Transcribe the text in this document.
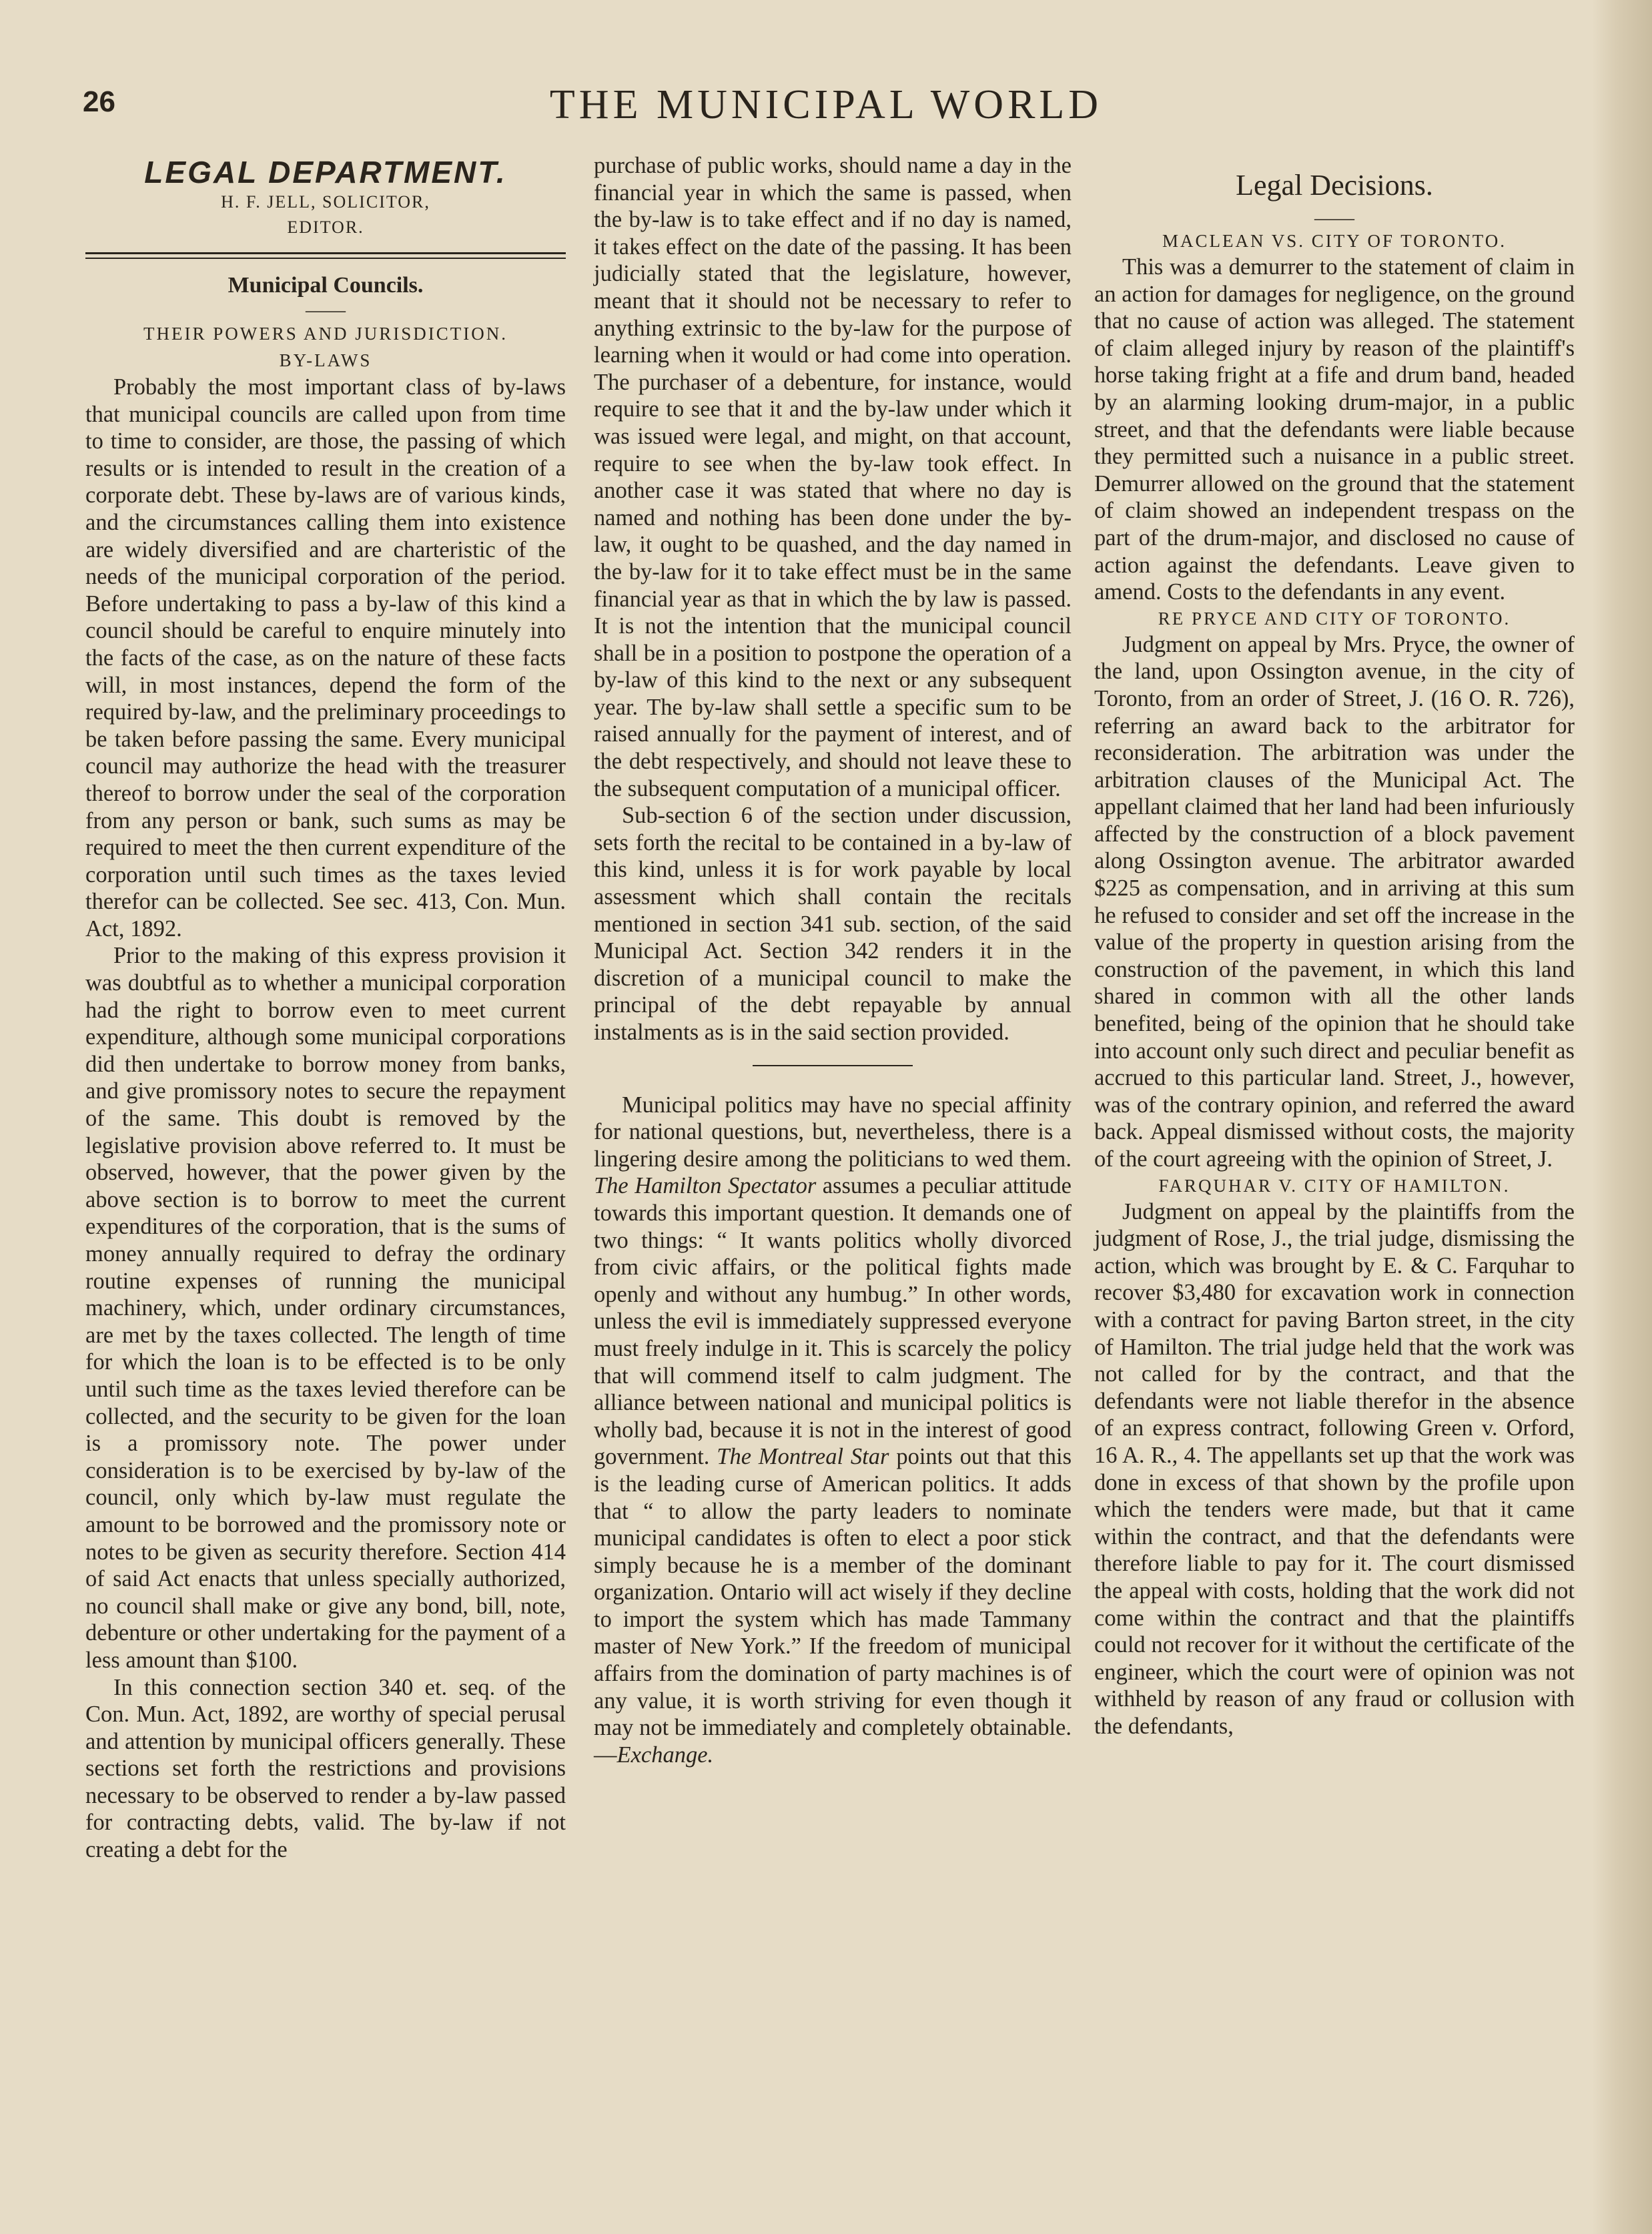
26	THE MUNICIPAL WORLD
LEGAL DEPARTMENT.
H. F. JELL, SOLICITOR,
EDITOR.
Municipal Councils.
——
THEIR POWERS AND JURISDICTION.
BY-LAWS

Probably the most important class of by-laws that municipal councils are called upon from time to time to consider, are those, the passing of which results or is intended to result in the creation of a corporate debt. These by-laws are of various kinds, and the circumstances calling them into existence are widely diversified and are charteristic of the needs of the municipal corporation of the period. Before undertaking to pass a by-law of this kind a council should be careful to enquire minutely into the facts of the case, as on the nature of these facts will, in most instances, depend the form of the required by-law, and the preliminary proceedings to be taken before passing the same. Every municipal council may authorize the head with the treasurer thereof to borrow under the seal of the corporation from any person or bank, such sums as may be required to meet the then current expenditure of the corporation until such times as the taxes levied therefor can be collected. See sec. 413, Con. Mun. Act, 1892.

Prior to the making of this express provision it was doubtful as to whether a municipal corporation had the right to borrow even to meet current expenditure, although some municipal corporations did then undertake to borrow money from banks, and give promissory notes to secure the repayment of the same. This doubt is removed by the legislative provision above referred to. It must be observed, however, that the power given by the above section is to borrow to meet the current expenditures of the corporation, that is the sums of money annually required to defray the ordinary routine expenses of running the municipal machinery, which, under ordinary circumstances, are met by the taxes collected. The length of time for which the loan is to be effected is to be only until such time as the taxes levied therefore can be collected, and the security to be given for the loan is a promissory note. The power under consideration is to be exercised by by-law of the council, only which by-law must regulate the amount to be borrowed and the promissory note or notes to be given as security therefore. Section 414 of said Act enacts that unless specially authorized, no council shall make or give any bond, bill, note, debenture or other undertaking for the payment of a less amount than $100.

In this connection section 340 et. seq. of the Con. Mun. Act, 1892, are worthy of special perusal and attention by municipal officers generally. These sections set forth the restrictions and provisions necessary to be observed to render a by-law passed for contracting debts, valid. The by-law if not creating a debt for the

purchase of public works, should name a day in the financial year in which the same is passed, when the by-law is to take effect and if no day is named, it takes effect on the date of the passing. It has been judicially stated that the legislature, however, meant that it should not be necessary to refer to anything extrinsic to the by-law for the purpose of learning when it would or had come into operation. The purchaser of a debenture, for instance, would require to see that it and the by-law under which it was issued were legal, and might, on that account, require to see when the by-law took effect. In another case it was stated that where no day is named and nothing has been done under the by-law, it ought to be quashed, and the day named in the by-law for it to take effect must be in the same financial year as that in which the by law is passed. It is not the intention that the municipal council shall be in a position to postpone the operation of a by-law of this kind to the next or any subsequent year. The by-law shall settle a specific sum to be raised annually for the payment of interest, and of the debt respectively, and should not leave these to the subsequent computation of a municipal officer.

Sub-section 6 of the section under discussion, sets forth the recital to be contained in a by-law of this kind, unless it is for work payable by local assessment which shall contain the recitals mentioned in section 341 sub. section, of the said Municipal Act. Section 342 renders it in the discretion of a municipal council to make the principal of the debt repayable by annual instalments as is in the said section provided.

Municipal politics may have no special affinity for national questions, but, nevertheless, there is a lingering desire among the politicians to wed them. The Hamilton Spectator assumes a peculiar attitude towards this important question. It demands one of two things: “ It wants politics wholly divorced from civic affairs, or the political fights made openly and without any humbug.” In other words, unless the evil is immediately suppressed everyone must freely indulge in it. This is scarcely the policy that will commend itself to calm judgment. The alliance between national and municipal politics is wholly bad, because it is not in the interest of good government. The Montreal Star points out that this is the leading curse of American politics. It adds that “ to allow the party leaders to nominate municipal candidates is often to elect a poor stick simply because he is a member of the dominant organization. Ontario will act wisely if they decline to import the system which has made Tammany master of New York.” If the freedom of municipal affairs from the domination of party machines is of any value, it is worth striving for even though it may not be immediately and completely obtainable.—Exchange.

Legal Decisions.
——
MACLEAN VS. CITY OF TORONTO.

This was a demurrer to the statement of claim in an action for damages for negligence, on the ground that no cause of action was alleged. The statement of claim alleged injury by reason of the plaintiff's horse taking fright at a fife and drum band, headed by an alarming looking drum-major, in a public street, and that the defendants were liable because they permitted such a nuisance in a public street. Demurrer allowed on the ground that the statement of claim showed an independent trespass on the part of the drum-major, and disclosed no cause of action against the defendants. Leave given to amend. Costs to the defendants in any event.

RE PRYCE AND CITY OF TORONTO.

Judgment on appeal by Mrs. Pryce, the owner of the land, upon Ossington avenue, in the city of Toronto, from an order of Street, J. (16 O. R. 726), referring an award back to the arbitrator for reconsideration. The arbitration was under the arbitration clauses of the Municipal Act. The appellant claimed that her land had been infuriously affected by the construction of a block pavement along Ossington avenue. The arbitrator awarded $225 as compensation, and in arriving at this sum he refused to consider and set off the increase in the value of the property in question arising from the construction of the pavement, in which this land shared in common with all the other lands benefited, being of the opinion that he should take into account only such direct and peculiar benefit as accrued to this particular land. Street, J., however, was of the contrary opinion, and referred the award back. Appeal dismissed without costs, the majority of the court agreeing with the opinion of Street, J.

FARQUHAR V. CITY OF HAMILTON.

Judgment on appeal by the plaintiffs from the judgment of Rose, J., the trial judge, dismissing the action, which was brought by E. & C. Farquhar to recover $3,480 for excavation work in connection with a contract for paving Barton street, in the city of Hamilton. The trial judge held that the work was not called for by the contract, and that the defendants were not liable therefor in the absence of an express contract, following Green v. Orford, 16 A. R., 4. The appellants set up that the work was done in excess of that shown by the profile upon which the tenders were made, but that it came within the contract, and that the defendants were therefore liable to pay for it. The court dismissed the appeal with costs, holding that the work did not come within the contract and that the plaintiffs could not recover for it without the certificate of the engineer, which the court were of opinion was not withheld by reason of any fraud or collusion with the defendants,
